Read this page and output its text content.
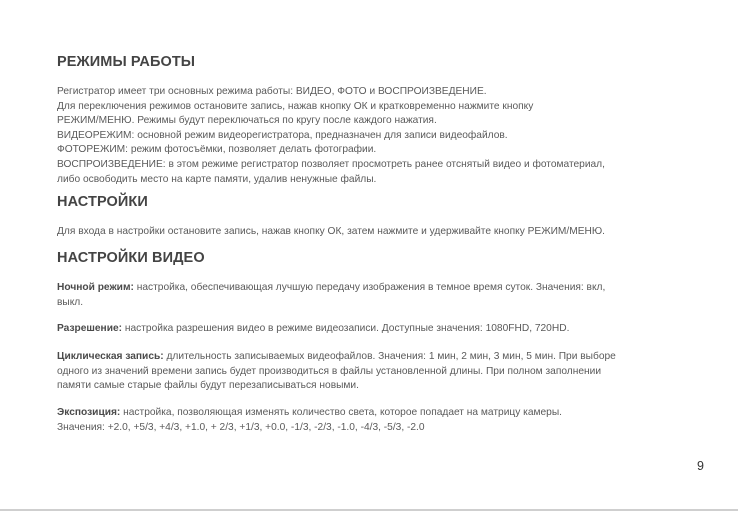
РЕЖИМЫ РАБОТЫ
Регистратор имеет три основных режима работы: ВИДЕО, ФОТО и ВОСПРОИЗВЕДЕНИЕ.
Для переключения режимов остановите запись, нажав кнопку ОК и кратковременно нажмите кнопку
РЕЖИМ/МЕНЮ. Режимы будут переключаться по кругу после каждого нажатия.
ВИДЕОРЕЖИМ: основной режим видеорегистратора, предназначен для записи видеофайлов.
ФОТОРЕЖИМ: режим фотосъёмки, позволяет делать фотографии.
ВОСПРОИЗВЕДЕНИЕ: в этом режиме регистратор позволяет просмотреть ранее отснятый видео и фотоматериал,
либо освободить место на карте памяти, удалив ненужные файлы.
НАСТРОЙКИ
Для входа в настройки остановите запись, нажав кнопку ОК, затем нажмите и удерживайте кнопку РЕЖИМ/МЕНЮ.
НАСТРОЙКИ ВИДЕО
Ночной режим: настройка, обеспечивающая лучшую передачу изображения в темное время суток. Значения: вкл,
выкл.
Разрешение: настройка разрешения видео в режиме видеозаписи. Доступные значения: 1080FHD, 720HD.
Циклическая запись: длительность записываемых видеофайлов. Значения: 1 мин, 2 мин, 3 мин, 5 мин. При выборе
одного из значений времени запись будет производиться в файлы установленной длины. При полном заполнении
памяти самые старые файлы будут перезаписываться новыми.
Экспозиция: настройка, позволяющая изменять количество света, которое попадает на матрицу камеры.
Значения: +2.0, +5/3, +4/3, +1.0, + 2/3, +1/3, +0.0, -1/3, -2/3, -1.0, -4/3, -5/3, -2.0
9
